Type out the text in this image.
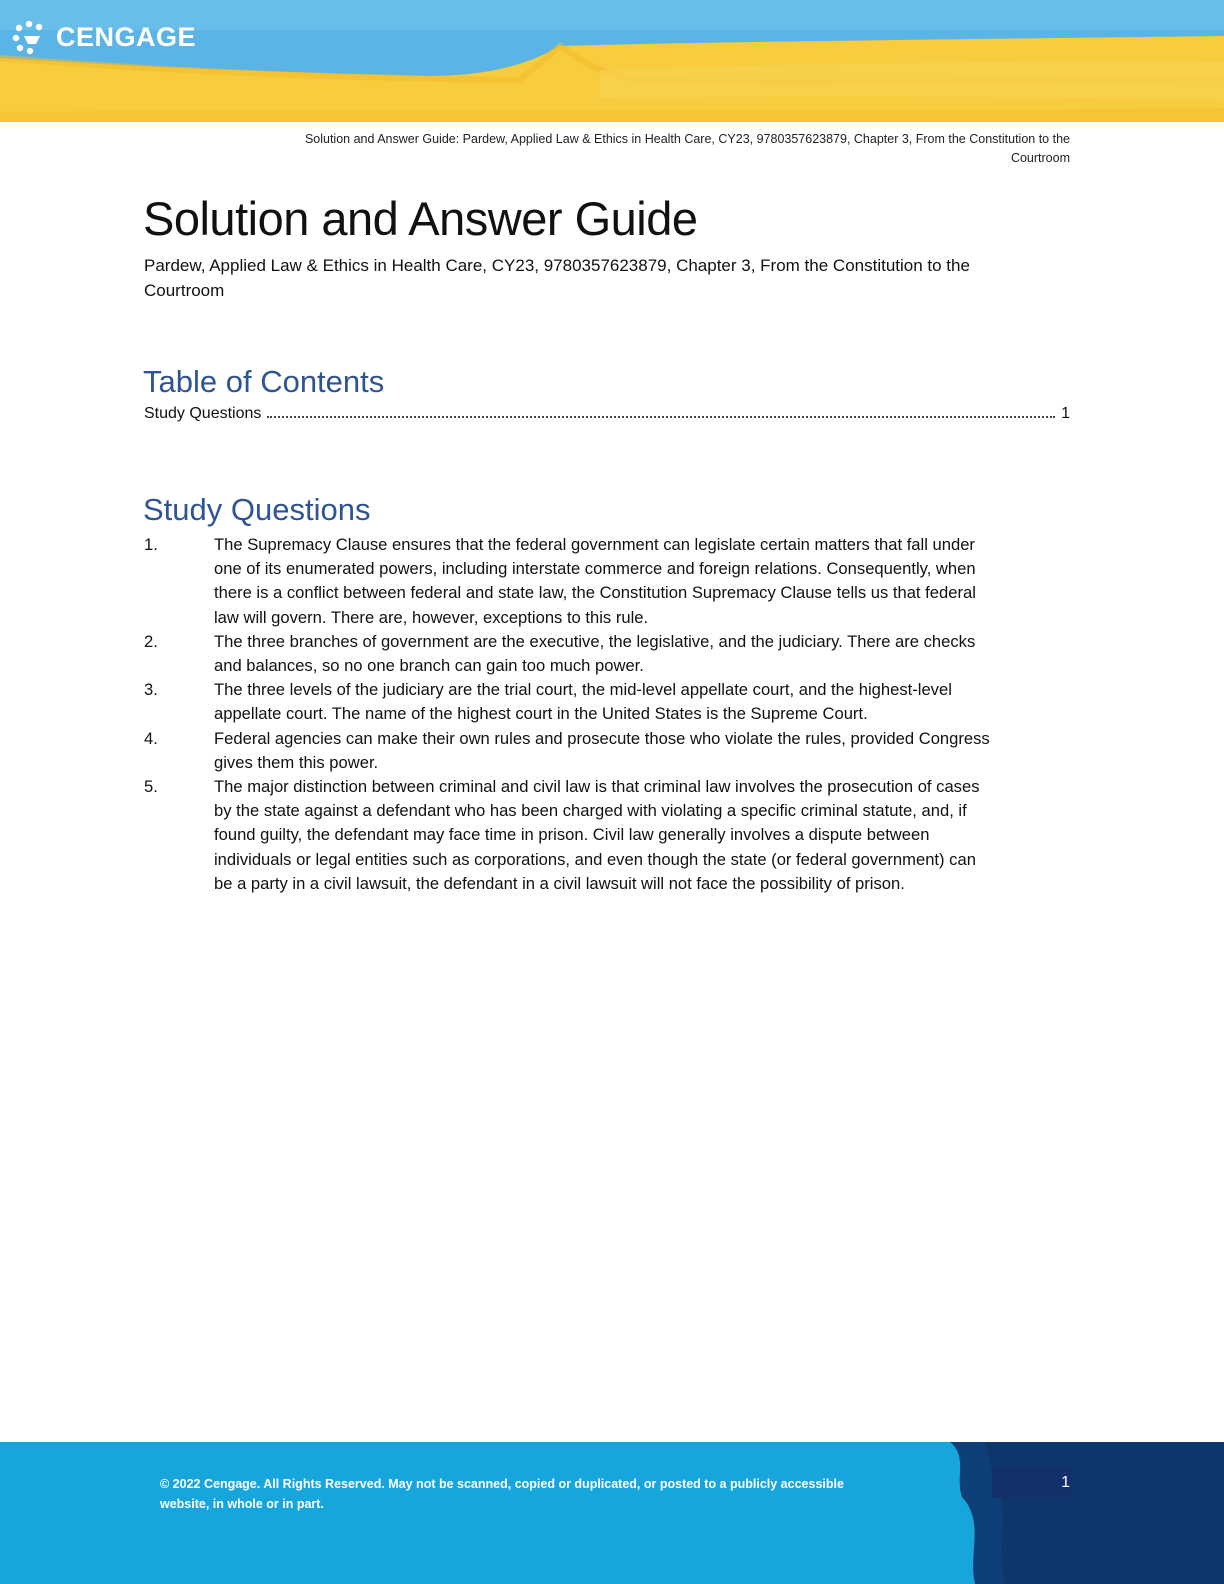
CENGAGE
Solution and Answer Guide: Pardew, Applied Law & Ethics in Health Care, CY23, 9780357623879, Chapter 3, From the Constitution to the
Courtroom
Solution and Answer Guide

Pardew, Applied Law & Ethics in Health Care, CY23, 9780357623879, Chapter 3, From the Constitution to the
Courtroom

Table of Contents
Study Questions	1
Study Questions
1.	The Supremacy Clause ensures that the federal government can legislate certain matters that fall under
one of its enumerated powers, including interstate commerce and foreign relations. Consequently, when
there is a conflict between federal and state law, the Constitution Supremacy Clause tells us that federal
law will govern. There are, however, exceptions to this rule.
2.	The three branches of government are the executive, the legislative, and the judiciary. There are checks
and balances, so no one branch can gain too much power.
3.	The three levels of the judiciary are the trial court, the mid-level appellate court, and the highest-level
appellate court. The name of the highest court in the United States is the Supreme Court.
4.	Federal agencies can make their own rules and prosecute those who violate the rules, provided Congress
gives them this power.
5.	The major distinction between criminal and civil law is that criminal law involves the prosecution of cases
by the state against a defendant who has been charged with violating a specific criminal statute, and, if
found guilty, the defendant may face time in prison. Civil law generally involves a dispute between
individuals or legal entities such as corporations, and even though the state (or federal government) can
be a party in a civil lawsuit, the defendant in a civil lawsuit will not face the possibility of prison.
© 2022 Cengage. All Rights Reserved. May not be scanned, copied or duplicated, or posted to a publicly accessible
website, in whole or in part.
1
